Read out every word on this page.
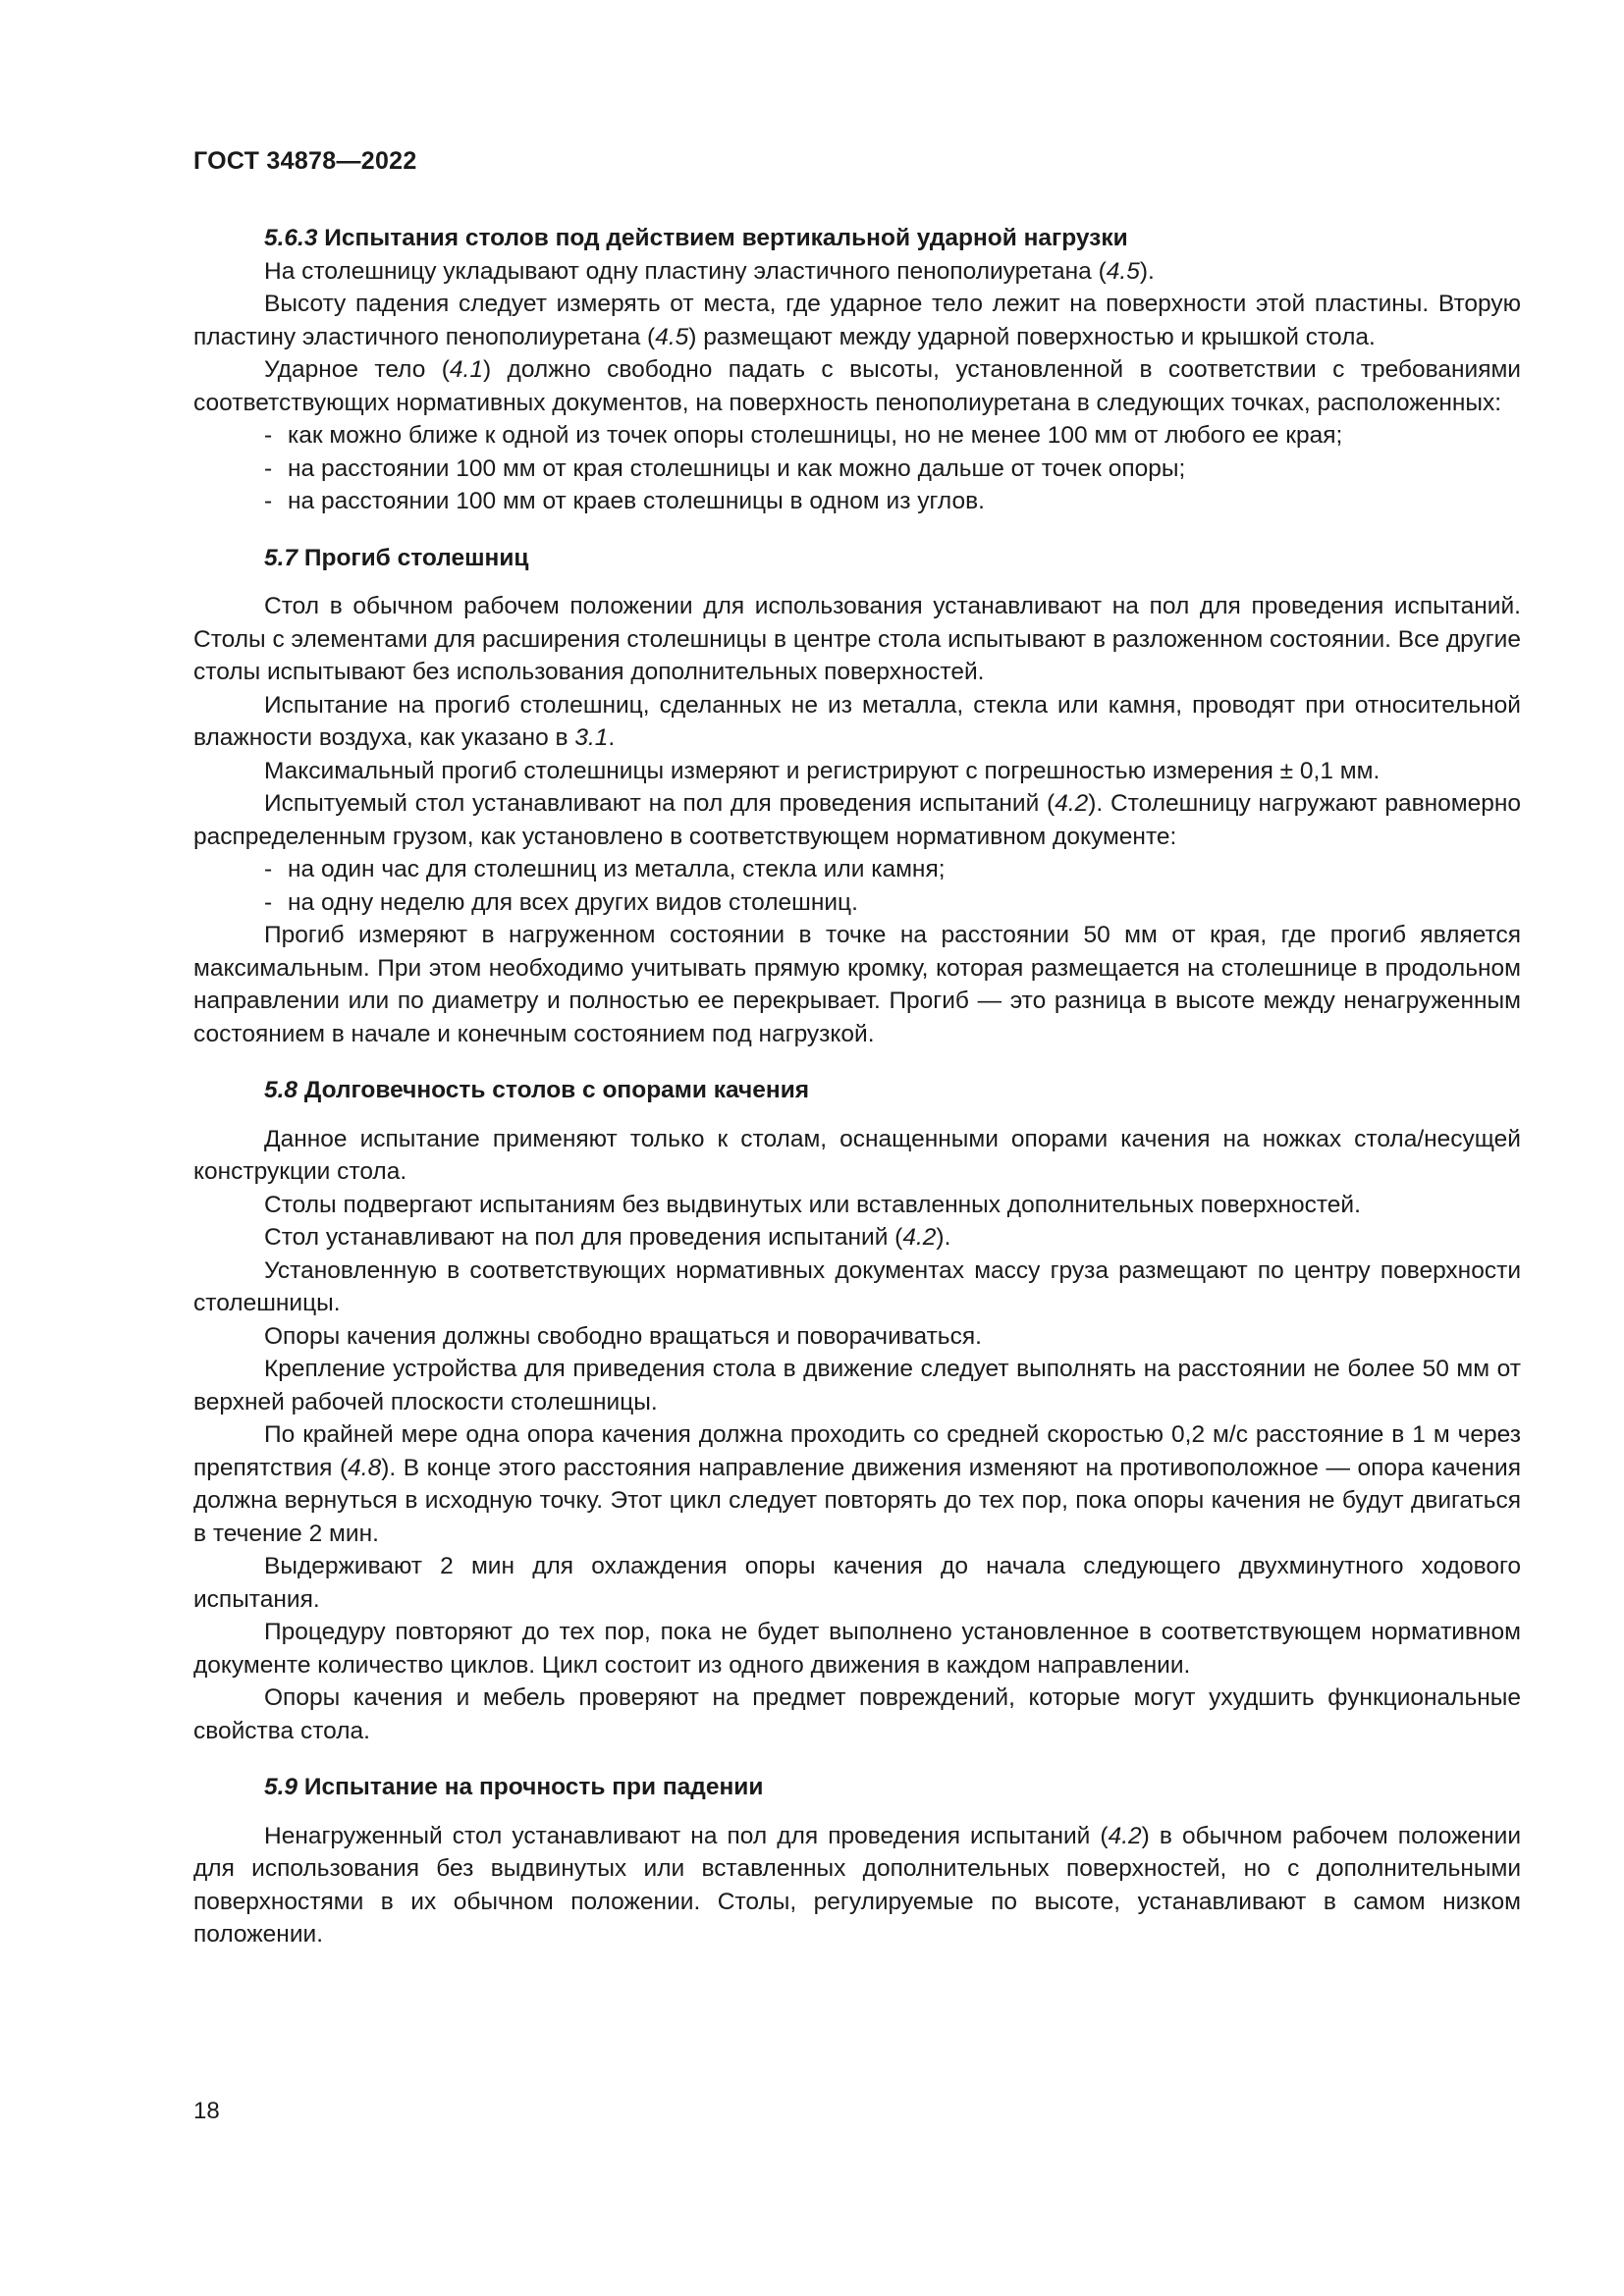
ГОСТ 34878—2022
5.6.3 Испытания столов под действием вертикальной ударной нагрузки

На столешницу укладывают одну пластину эластичного пенополиуретана (4.5).

Высоту падения следует измерять от места, где ударное тело лежит на поверхности этой пластины. Вторую пластину эластичного пенополиуретана (4.5) размещают между ударной поверхностью и крышкой стола.

Ударное тело (4.1) должно свободно падать с высоты, установленной в соответствии с требованиями соответствующих нормативных документов, на поверхность пенополиуретана в следующих точках, расположенных:

- как можно ближе к одной из точек опоры столешницы, но не менее 100 мм от любого ее края;
- на расстоянии 100 мм от края столешницы и как можно дальше от точек опоры;
- на расстоянии 100 мм от краев столешницы в одном из углов.
5.7 Прогиб столешниц

Стол в обычном рабочем положении для использования устанавливают на пол для проведения испытаний. Столы с элементами для расширения столешницы в центре стола испытывают в разложенном состоянии. Все другие столы испытывают без использования дополнительных поверхностей.

Испытание на прогиб столешниц, сделанных не из металла, стекла или камня, проводят при относительной влажности воздуха, как указано в 3.1.

Максимальный прогиб столешницы измеряют и регистрируют с погрешностью измерения ± 0,1 мм.

Испытуемый стол устанавливают на пол для проведения испытаний (4.2). Столешницу нагружают равномерно распределенным грузом, как установлено в соответствующем нормативном документе:

- на один час для столешниц из металла, стекла или камня;
- на одну неделю для всех других видов столешниц.

Прогиб измеряют в нагруженном состоянии в точке на расстоянии 50 мм от края, где прогиб является максимальным. При этом необходимо учитывать прямую кромку, которая размещается на столешнице в продольном направлении или по диаметру и полностью ее перекрывает. Прогиб — это разница в высоте между ненагруженным состоянием в начале и конечным состоянием под нагрузкой.

5.8 Долговечность столов с опорами качения

Данное испытание применяют только к столам, оснащенными опорами качения на ножках стола/несущей конструкции стола.

Столы подвергают испытаниям без выдвинутых или вставленных дополнительных поверхностей.

Стол устанавливают на пол для проведения испытаний (4.2).

Установленную в соответствующих нормативных документах массу груза размещают по центру поверхности столешницы.

Опоры качения должны свободно вращаться и поворачиваться.

Крепление устройства для приведения стола в движение следует выполнять на расстоянии не более 50 мм от верхней рабочей плоскости столешницы.

По крайней мере одна опора качения должна проходить со средней скоростью 0,2 м/с расстояние в 1 м через препятствия (4.8). В конце этого расстояния направление движения изменяют на противоположное — опора качения должна вернуться в исходную точку. Этот цикл следует повторять до тех пор, пока опоры качения не будут двигаться в течение 2 мин.

Выдерживают 2 мин для охлаждения опоры качения до начала следующего двухминутного ходового испытания.

Процедуру повторяют до тех пор, пока не будет выполнено установленное в соответствующем нормативном документе количество циклов. Цикл состоит из одного движения в каждом направлении.

Опоры качения и мебель проверяют на предмет повреждений, которые могут ухудшить функциональные свойства стола.

5.9 Испытание на прочность при падении

Ненагруженный стол устанавливают на пол для проведения испытаний (4.2) в обычном рабочем положении для использования без выдвинутых или вставленных дополнительных поверхностей, но с дополнительными поверхностями в их обычном положении. Столы, регулируемые по высоте, устанавливают в самом низком положении.

18
